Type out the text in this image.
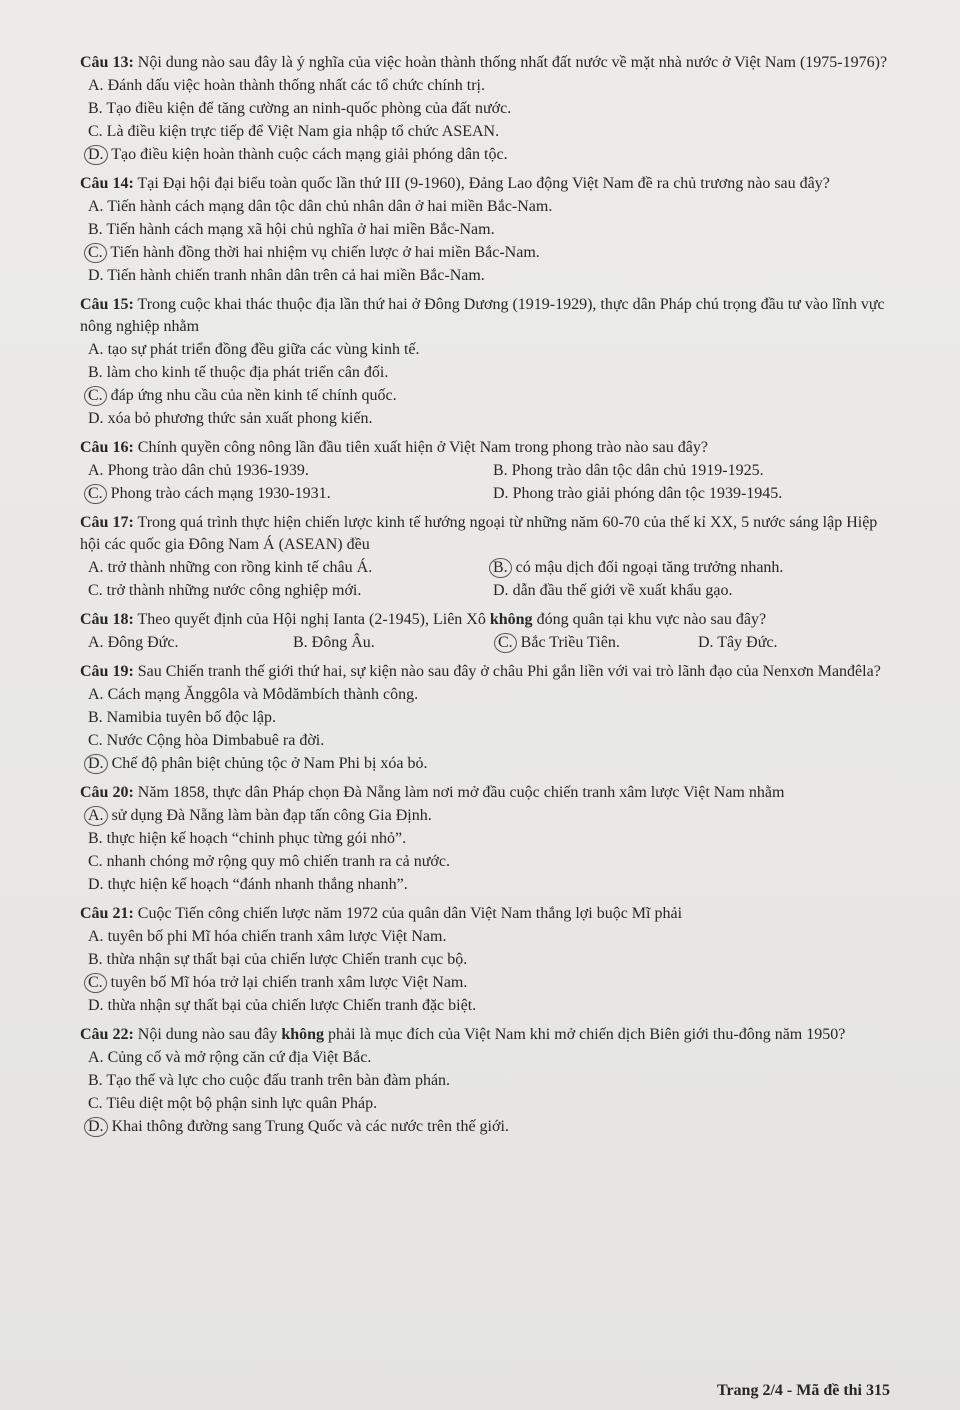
Câu 13: Nội dung nào sau đây là ý nghĩa của việc hoàn thành thống nhất đất nước về mặt nhà nước ở Việt Nam (1975-1976)?

A. Đánh dấu việc hoàn thành thống nhất các tổ chức chính trị.
B. Tạo điều kiện để tăng cường an ninh-quốc phòng của đất nước.
C. Là điều kiện trực tiếp để Việt Nam gia nhập tổ chức ASEAN.
D. Tạo điều kiện hoàn thành cuộc cách mạng giải phóng dân tộc.

Câu 14: Tại Đại hội đại biểu toàn quốc lần thứ III (9-1960), Đảng Lao động Việt Nam đề ra chủ trương nào sau đây?

A. Tiến hành cách mạng dân tộc dân chủ nhân dân ở hai miền Bắc-Nam.
B. Tiến hành cách mạng xã hội chủ nghĩa ở hai miền Bắc-Nam.
C. Tiến hành đồng thời hai nhiệm vụ chiến lược ở hai miền Bắc-Nam.
D. Tiến hành chiến tranh nhân dân trên cả hai miền Bắc-Nam.

Câu 15: Trong cuộc khai thác thuộc địa lần thứ hai ở Đông Dương (1919-1929), thực dân Pháp chú trọng đầu tư vào lĩnh vực nông nghiệp nhằm

A. tạo sự phát triển đồng đều giữa các vùng kinh tế.
B. làm cho kinh tế thuộc địa phát triển cân đối.
C. đáp ứng nhu cầu của nền kinh tế chính quốc.
D. xóa bỏ phương thức sản xuất phong kiến.

Câu 16: Chính quyền công nông lần đầu tiên xuất hiện ở Việt Nam trong phong trào nào sau đây?

A. Phong trào dân chủ 1936-1939.	B. Phong trào dân tộc dân chủ 1919-1925.
C. Phong trào cách mạng 1930-1931.	D. Phong trào giải phóng dân tộc 1939-1945.

Câu 17: Trong quá trình thực hiện chiến lược kinh tế hướng ngoại từ những năm 60-70 của thế kỉ XX, 5 nước sáng lập Hiệp hội các quốc gia Đông Nam Á (ASEAN) đều

A. trở thành những con rồng kinh tế châu Á.	B. có mậu dịch đối ngoại tăng trưởng nhanh.
C. trở thành những nước công nghiệp mới.	D. dẫn đầu thế giới về xuất khẩu gạo.

Câu 18: Theo quyết định của Hội nghị Ianta (2-1945), Liên Xô không đóng quân tại khu vực nào sau đây?

A. Đông Đức.	B. Đông Âu.	C. Bắc Triều Tiên.	D. Tây Đức.

Câu 19: Sau Chiến tranh thế giới thứ hai, sự kiện nào sau đây ở châu Phi gắn liền với vai trò lãnh đạo của Nenxơn Manđêla?

A. Cách mạng Ănggôla và Môdămbích thành công.
B. Namibia tuyên bố độc lập.
C. Nước Cộng hòa Dimbabuê ra đời.
D. Chế độ phân biệt chủng tộc ở Nam Phi bị xóa bỏ.

Câu 20: Năm 1858, thực dân Pháp chọn Đà Nẵng làm nơi mở đầu cuộc chiến tranh xâm lược Việt Nam nhằm

A. sử dụng Đà Nẵng làm bàn đạp tấn công Gia Định.
B. thực hiện kế hoạch “chinh phục từng gói nhỏ”.
C. nhanh chóng mở rộng quy mô chiến tranh ra cả nước.
D. thực hiện kế hoạch “đánh nhanh thắng nhanh”.

Câu 21: Cuộc Tiến công chiến lược năm 1972 của quân dân Việt Nam thắng lợi buộc Mĩ phải

A. tuyên bố phi Mĩ hóa chiến tranh xâm lược Việt Nam.
B. thừa nhận sự thất bại của chiến lược Chiến tranh cục bộ.
C. tuyên bố Mĩ hóa trở lại chiến tranh xâm lược Việt Nam.
D. thừa nhận sự thất bại của chiến lược Chiến tranh đặc biệt.

Câu 22: Nội dung nào sau đây không phải là mục đích của Việt Nam khi mở chiến dịch Biên giới thu-đông năm 1950?

A. Củng cố và mở rộng căn cứ địa Việt Bắc.
B. Tạo thế và lực cho cuộc đấu tranh trên bàn đàm phán.
C. Tiêu diệt một bộ phận sinh lực quân Pháp.
D. Khai thông đường sang Trung Quốc và các nước trên thế giới.
Trang 2/4 - Mã đề thi 315
